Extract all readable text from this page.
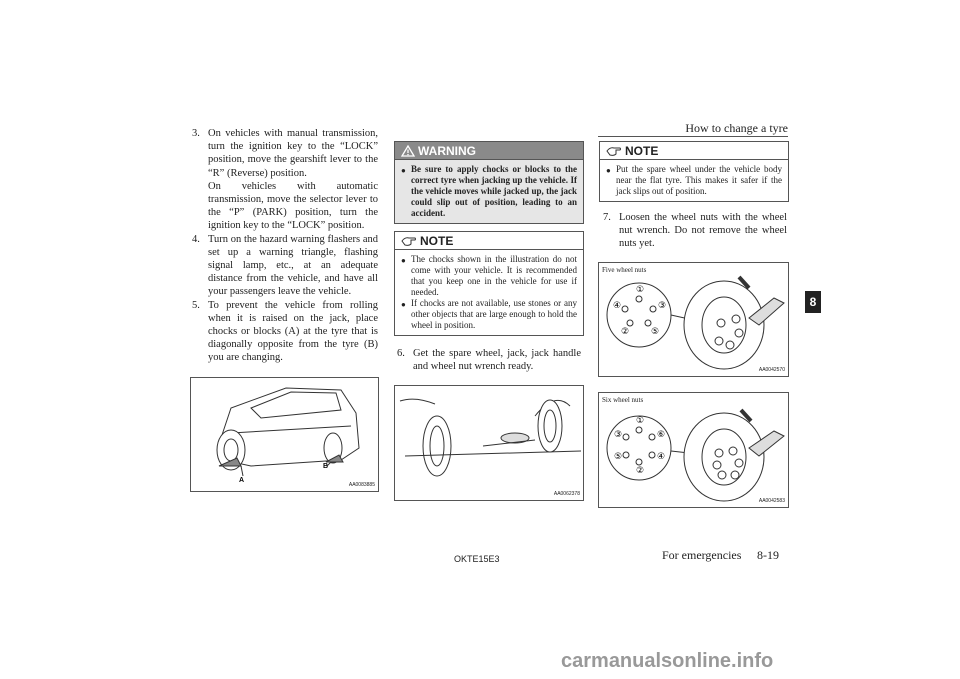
How to change a tyre
8
3. On vehicles with manual transmission, turn the ignition key to the “LOCK” position, move the gearshift lever to the “R” (Reverse) position.
On vehicles with automatic transmission, move the selector lever to the “P” (PARK) position, turn the ignition key to the “LOCK” position.
4. Turn on the hazard warning flashers and set up a warning triangle, flashing signal lamp, etc., at an adequate distance from the vehicle, and have all your passengers leave the vehicle.
5. To prevent the vehicle from rolling when it is raised on the jack, place chocks or blocks (A) at the tyre that is diagonally opposite from the tyre (B) you are changing.
A
B
AA0083885
WARNING
● Be sure to apply chocks or blocks to the correct tyre when jacking up the vehicle. If the vehicle moves while jacked up, the jack could slip out of position, leading to an accident.
NOTE
● The chocks shown in the illustration do not come with your vehicle. It is recommended that you keep one in the vehicle for use if needed.
● If chocks are not available, use stones or any other objects that are large enough to hold the wheel in position.
6. Get the spare wheel, jack, jack handle and wheel nut wrench ready.
AA0062378
NOTE
● Put the spare wheel under the vehicle body near the flat tyre. This makes it safer if the jack slips out of position.
7. Loosen the wheel nuts with the wheel nut wrench. Do not remove the wheel nuts yet.
Five wheel nuts
①
②
③
④
⑤
AA0042570
Six wheel nuts
①
②
③
④
⑤
⑥
AA0042583
OKTE15E3	For emergencies 8-19
carmanualsonline.info
